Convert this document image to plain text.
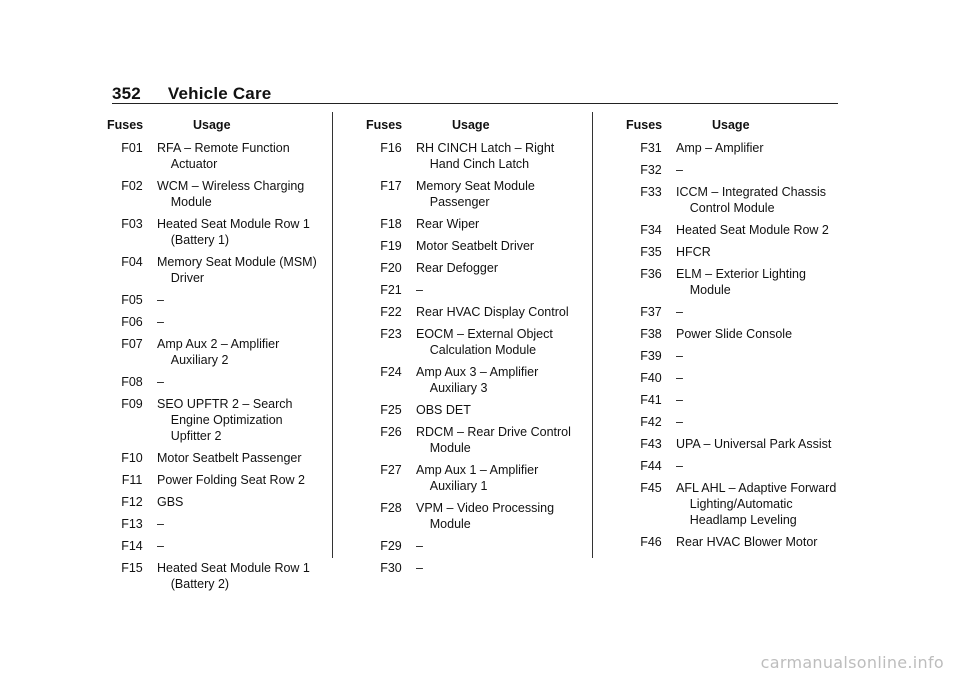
352 Vehicle Care
Fuses	Usage
F01	RFA – Remote Function Actuator
F02	WCM – Wireless Charging Module
F03	Heated Seat Module Row 1 (Battery 1)
F04	Memory Seat Module (MSM) Driver
F05	–
F06	–
F07	Amp Aux 2 – Amplifier Auxiliary 2
F08	–
F09	SEO UPFTR 2 – Search Engine Optimization Upfitter 2
F10	Motor Seatbelt Passenger
F11	Power Folding Seat Row 2
F12	GBS
F13	–
F14	–
F15	Heated Seat Module Row 1 (Battery 2)
Fuses	Usage
F16	RH CINCH Latch – Right Hand Cinch Latch
F17	Memory Seat Module Passenger
F18	Rear Wiper
F19	Motor Seatbelt Driver
F20	Rear Defogger
F21	–
F22	Rear HVAC Display Control
F23	EOCM – External Object Calculation Module
F24	Amp Aux 3 – Amplifier Auxiliary 3
F25	OBS DET
F26	RDCM – Rear Drive Control Module
F27	Amp Aux 1 – Amplifier Auxiliary 1
F28	VPM – Video Processing Module
F29	–
F30	–
Fuses	Usage
F31	Amp – Amplifier
F32	–
F33	ICCM – Integrated Chassis Control Module
F34	Heated Seat Module Row 2
F35	HFCR
F36	ELM – Exterior Lighting Module
F37	–
F38	Power Slide Console
F39	–
F40	–
F41	–
F42	–
F43	UPA – Universal Park Assist
F44	–
F45	AFL AHL – Adaptive Forward Lighting/Automatic Headlamp Leveling
F46	Rear HVAC Blower Motor
carmanualsonline.info
